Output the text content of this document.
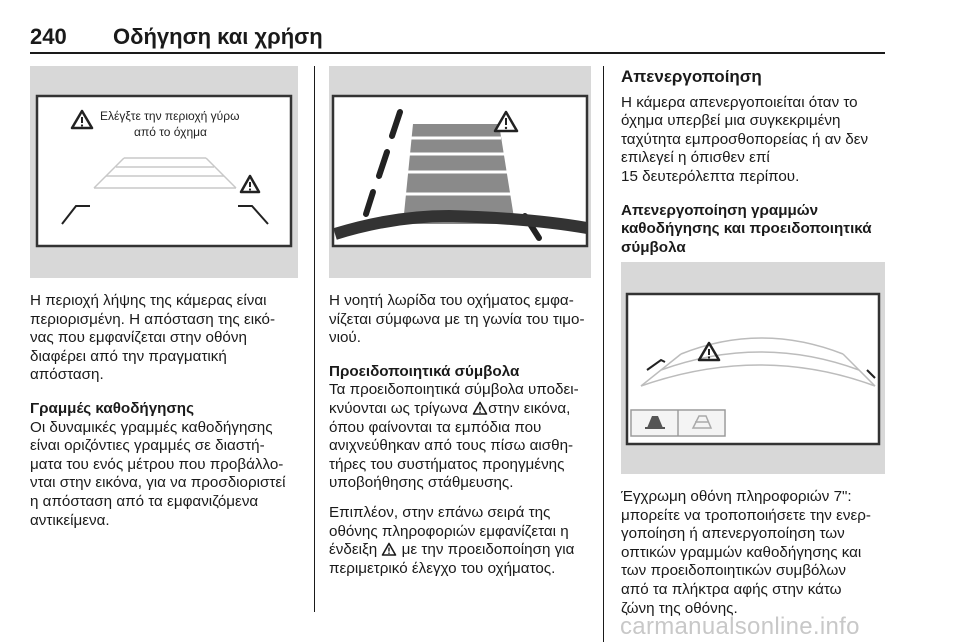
240 Οδήγηση και χρήση
Ελέγξτε την περιοχή γύρω
από το όχημα

Η περιοχή λήψης της κάμερας είναι
περιορισμένη. Η απόσταση της εικό-
νας που εμφανίζεται στην οθόνη
διαφέρει από την πραγματική
απόσταση.

Γραμμές καθοδήγησης

Οι δυναμικές γραμμές καθοδήγησης
είναι οριζόντιες γραμμές σε διαστή-
ματα του ενός μέτρου που προβάλλο-
νται στην εικόνα, για να προσδιοριστεί
η απόσταση από τα εμφανιζόμενα
αντικείμενα.

Η νοητή λωρίδα του οχήματος εμφα-
νίζεται σύμφωνα με τη γωνία του τιμο-
νιού.

Προειδοποιητικά σύμβολα

Τα προειδοποιητικά σύμβολα υποδει-
κνύονται ως τρίγωνα στην εικόνα,
όπου φαίνονται τα εμπόδια που
ανιχνεύθηκαν από τους πίσω αισθη-
τήρες του συστήματος προηγμένης
υποβοήθησης στάθμευσης.

Επιπλέον, στην επάνω σειρά της
οθόνης πληροφοριών εμφανίζεται η
ένδειξη  με την προειδοποίηση για
περιμετρικό έλεγχο του οχήματος.

Απενεργοποίηση

Η κάμερα απενεργοποιείται όταν το
όχημα υπερβεί μια συγκεκριμένη
ταχύτητα εμπροσθοπορείας ή αν δεν
επιλεγεί η όπισθεν επί
15 δευτερόλεπτα περίπου.

Απενεργοποίηση γραμμών
καθοδήγησης και προειδοποιητικά
σύμβολα

Έγχρωμη οθόνη πληροφοριών 7":
μπορείτε να τροποποιήσετε την ενερ-
γοποίηση ή απενεργοποίηση των
οπτικών γραμμών καθοδήγησης και
των προειδοποιητικών συμβόλων
από τα πλήκτρα αφής στην κάτω
ζώνη της οθόνης.

carmanualsonline.info
